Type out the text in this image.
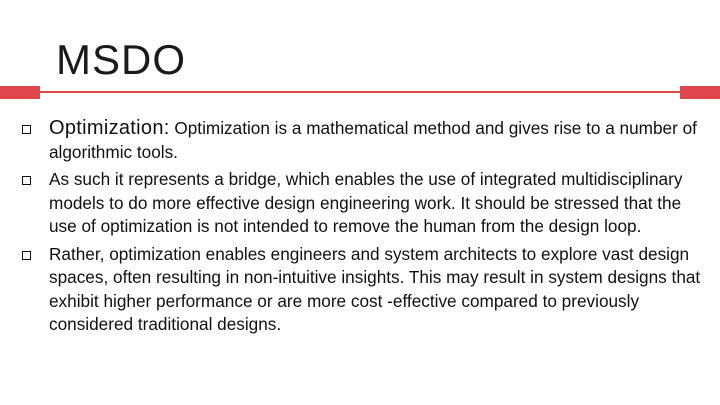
MSDO
Optimization: Optimization is a mathematical method and gives rise to a number of algorithmic tools.
As such it represents a bridge, which enables the use of integrated multidisciplinary models to do more effective design engineering work. It should be stressed that the use of optimization is not intended to remove the human from the design loop.
Rather, optimization enables engineers and system architects to explore vast design spaces, often resulting in non-intuitive insights. This may result in system designs that exhibit higher performance or are more cost -effective compared to previously considered traditional designs.
